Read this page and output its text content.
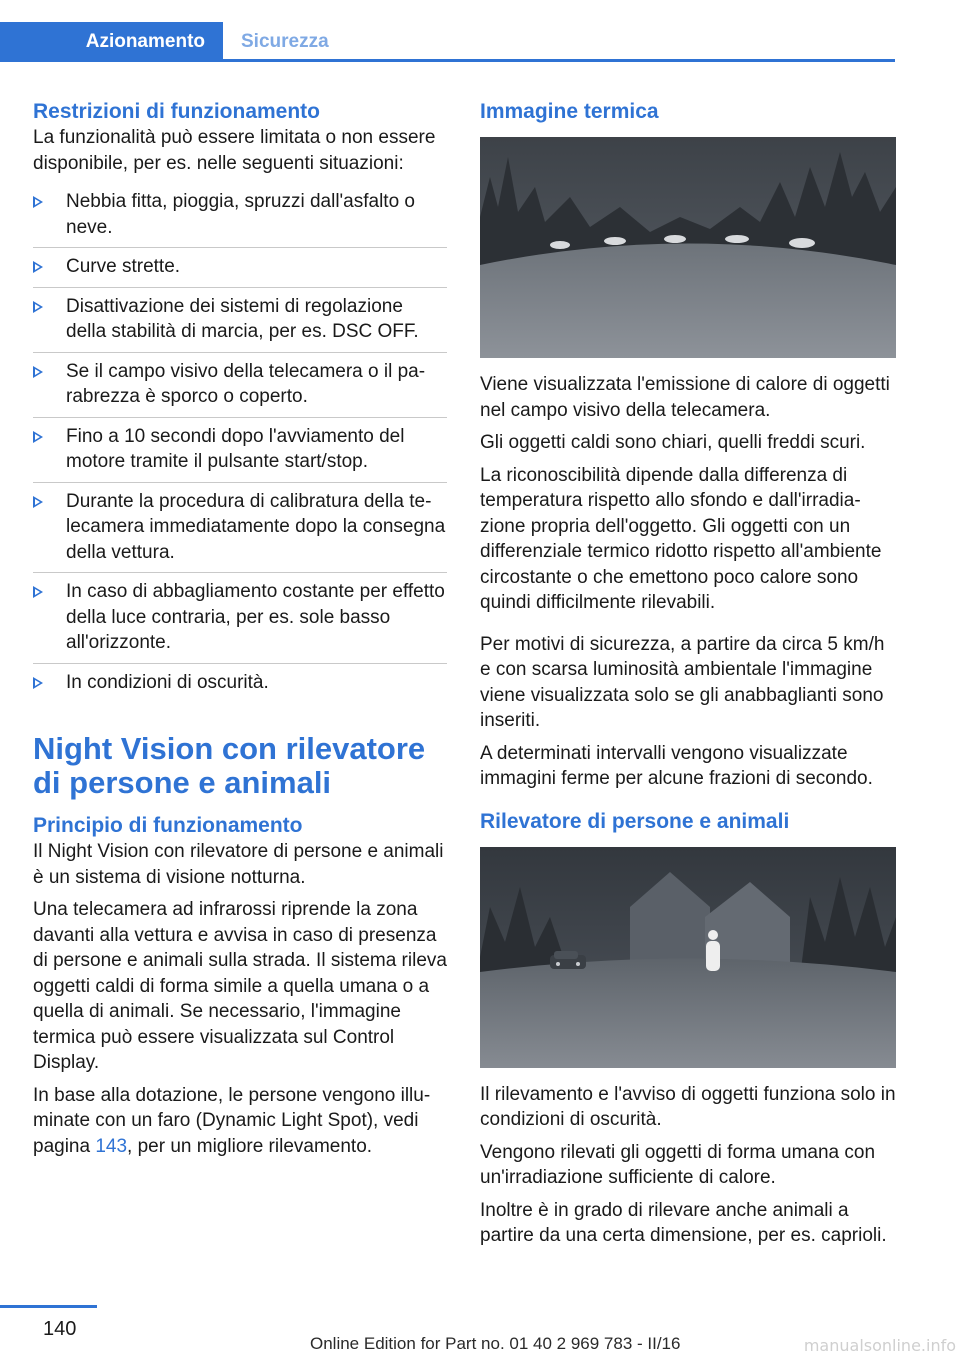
Azionamento	Sicurezza
Restrizioni di funzionamento

La funzionalità può essere limitata o non essere disponibile, per es. nelle seguenti situazioni:

Nebbia fitta, pioggia, spruzzi dall'asfalto o neve.
Curve strette.
Disattivazione dei sistemi di regolazione della stabilità di marcia, per es. DSC OFF.
Se il campo visivo della telecamera o il parabrezza è sporco o coperto.
Fino a 10 secondi dopo l'avviamento del motore tramite il pulsante start/stop.
Durante la procedura di calibratura della telecamera immediatamente dopo la consegna della vettura.
In caso di abbagliamento costante per effetto della luce contraria, per es. sole basso all'orizzonte.
In condizioni di oscurità.
Night Vision con rilevatore di persone e animali
Principio di funzionamento

Il Night Vision con rilevatore di persone e animali è un sistema di visione notturna.

Una telecamera ad infrarossi riprende la zona davanti alla vettura e avvisa in caso di presenza di persone e animali sulla strada. Il sistema rileva oggetti caldi di forma simile a quella umana o a quella di animali. Se necessario, l'immagine termica può essere visualizzata sul Control Display.

In base alla dotazione, le persone vengono illuminate con un faro (Dynamic Light Spot), vedi pagina 143, per un migliore rilevamento.

Immagine termica

Viene visualizzata l'emissione di calore di oggetti nel campo visivo della telecamera.

Gli oggetti caldi sono chiari, quelli freddi scuri.

La riconoscibilità dipende dalla differenza di temperatura rispetto allo sfondo e dall'irradiazione propria dell'oggetto. Gli oggetti con un differenziale termico ridotto rispetto all'ambiente circostante o che emettono poco calore sono quindi difficilmente rilevabili.

Per motivi di sicurezza, a partire da circa 5 km/h e con scarsa luminosità ambientale l'immagine viene visualizzata solo se gli anabbaglianti sono inseriti.

A determinati intervalli vengono visualizzate immagini ferme per alcune frazioni di secondo.

Rilevatore di persone e animali

Il rilevamento e l'avviso di oggetti funziona solo in condizioni di oscurità.

Vengono rilevati gli oggetti di forma umana con un'irradiazione sufficiente di calore.

Inoltre è in grado di rilevare anche animali a partire da una certa dimensione, per es. caprioli.

140
Online Edition for Part no. 01 40 2 969 783 - II/16	manualsonline.info
